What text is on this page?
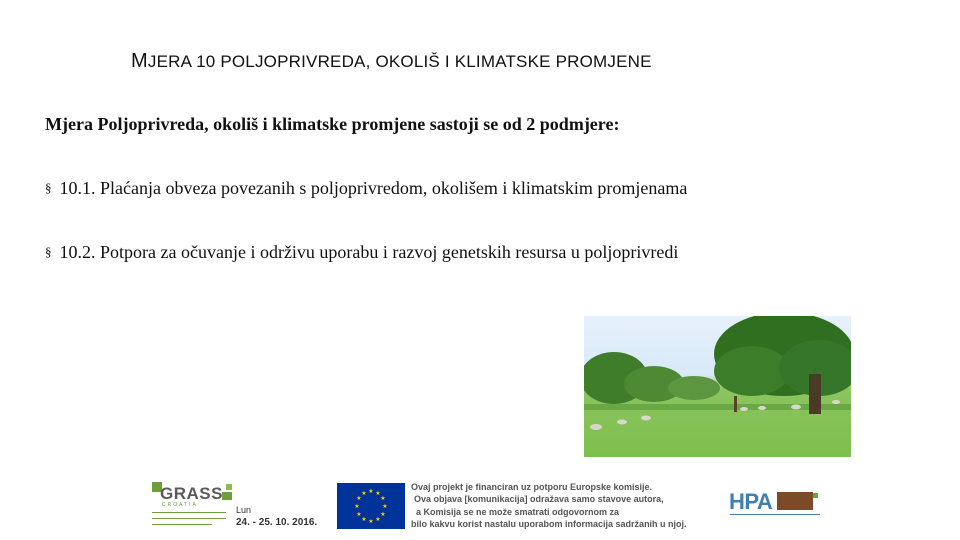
MJERA 10 POLJOPRIVREDA, OKOLIŠ I KLIMATSKE PROMJENE
Mjera Poljoprivreda, okoliš i klimatske promjene sastoji se od 2 podmjere:
§ 10.1. Plaćanja obveza povezanih s poljoprivredom, okolišem i klimatskim promjenama
§ 10.2. Potpora za očuvanje i održivu uporabu i razvoj genetskih resursa u poljoprivredi
GRASS
CROATIA	Lun
24. - 25. 10. 2016.
★ ★
★
★
★
★
★
★
★
★
★
★
Ovaj projekt je financiran uz potporu Europske komisije.
Ova objava [komunikacija] odražava samo stavove autora,
a Komisija se ne može smatrati odgovornom za
bilo kakvu korist nastalu uporabom informacija sadržanih u njoj.
HPA
